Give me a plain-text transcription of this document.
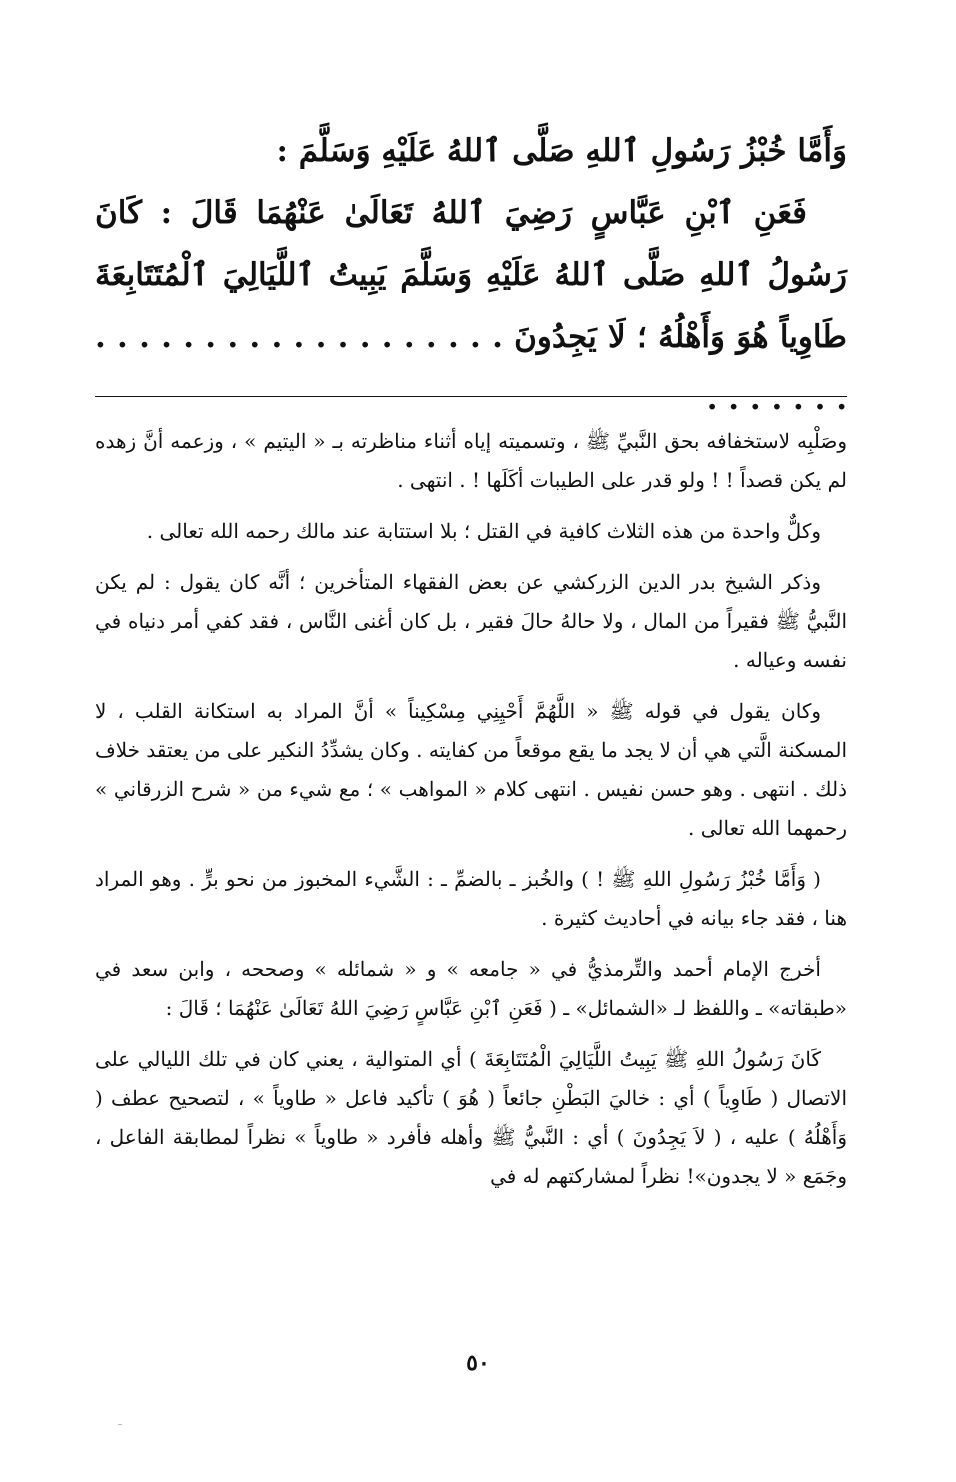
وَأَمَّا خُبْزُ رَسُولِ ٱللهِ صَلَّى ٱللهُ عَلَيْهِ وَسَلَّمَ :

فَعَنِ ٱبْنِ عَبَّاسٍ رَضِيَ ٱللهُ تَعَالَىٰ عَنْهُمَا قَالَ : كَانَ رَسُولُ ٱللهِ صَلَّى ٱللهُ عَلَيْهِ وَسَلَّمَ يَبِيتُ ٱللَّيَالِيَ ٱلْمُتَتَابِعَةَ طَاوِياً هُوَ وَأَهْلُهُ ؛ لَا يَجِدُونَ . . . . . . . . . . . . . . . . . . . . . . . . . .

وصَلْبِه لاستخفافه بحق النَّبيِّ ﷺ ، وتسميته إياه أثناء مناظرته بـ « اليتيم » ، وزعمه أنَّ زهده لم يكن قصداً ! ! ولو قدر على الطيبات أكَلَها ! . انتهى .

وكلٌّ واحدة من هذه الثلاث كافية في القتل ؛ بلا استتابة عند مالك رحمه الله تعالى .

وذكر الشيخ بدر الدين الزركشي عن بعض الفقهاء المتأخرين ؛ أنَّه كان يقول : لم يكن النَّبيُّ ﷺ فقيراً من المال ، ولا حالهُ حالَ فقير ، بل كان أغنى النَّاس ، فقد كفي أمر دنياه في نفسه وعياله .

وكان يقول في قوله ﷺ « اللَّهُمَّ أَحْيِنِي مِسْكِيناً » أنَّ المراد به استكانة القلب ، لا المسكنة الَّتي هي أن لا يجد ما يقع موقعاً من كفايته . وكان يشدِّدُ النكير على من يعتقد خلاف ذلك . انتهى . وهو حسن نفيس . انتهى كلام « المواهب » ؛ مع شيء من « شرح الزرقاني » رحمهما الله تعالى .

( وَأَمَّا خُبْزُ رَسُولِ اللهِ ﷺ ! ) والخُبز ـ بالضمِّ ـ : الشَّيء المخبوز من نحو برٍّ . وهو المراد هنا ، فقد جاء بيانه في أحاديث كثيرة .

أخرج الإمام أحمد والتِّرمذيُّ في « جامعه » و « شمائله » وصححه ، وابن سعد في «طبقاته» ـ واللفظ لـ «الشمائل» ـ ( فَعَنِ ٱبْنِ عَبَّاسٍ رَضِيَ اللهُ تَعَالَىٰ عَنْهُمَا ؛ قَالَ :

كَانَ رَسُولُ اللهِ ﷺ يَبِيتُ اللَّيَالِيَ الْمُتَتَابِعَةَ ) أي المتوالية ، يعني كان في تلك الليالي على الاتصال ( طَاوِياً ) أي : خاليَ البَطْنِ جائعاً ( هُوَ ) تأكيد فاعل « طاوياً » ، لتصحيح عطف ( وَأَهْلُهُ ) عليه ، ( لاَ يَجِدُونَ ) أي : النَّبيُّ ﷺ وأهله فأفرد « طاوياً » نظراً لمطابقة الفاعل ، وجَمَع « لا يجدون»! نظراً لمشاركتهم له في

٥٠
